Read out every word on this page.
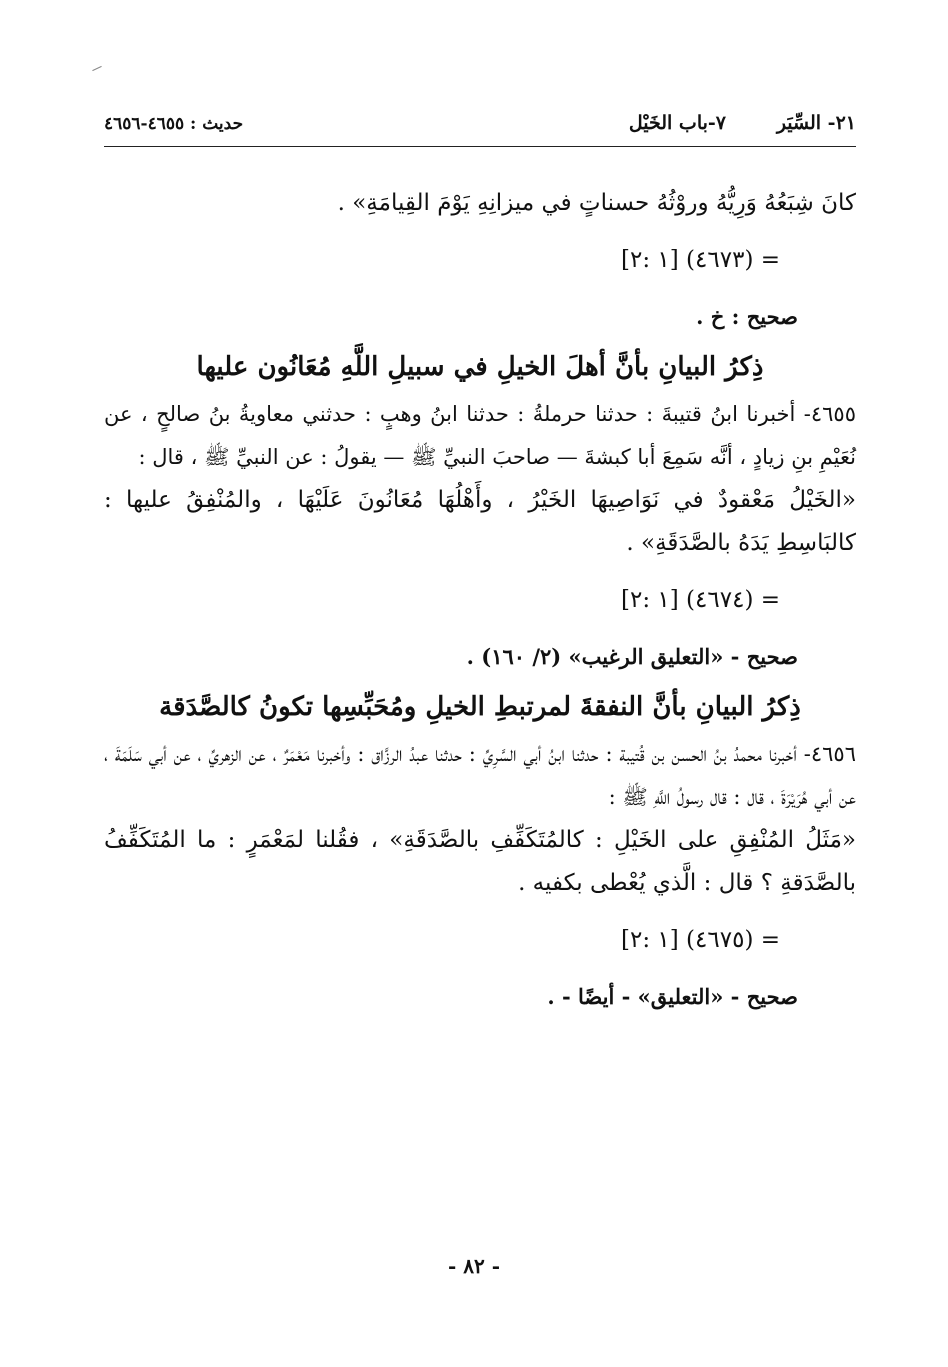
٢١- السِّيَر
٧-باب الخَيْل
حديث : ٤٦٥٥-٤٦٥٦

كانَ شِبَعُهُ وَرِيُّهُ وروْثُهُ حسناتٍ في ميزانِهِ يَوْمَ القِيامَةِ» .

= (٤٦٧٣) [١ :٢]

صحيح : خ .

ذِكرُ البيانِ بأنَّ أهلَ الخيلِ في سبيلِ اللَّهِ مُعَانُون عليها

٤٦٥٥- أخبرنا ابنُ قتيبةَ : حدثنا حرملةُ : حدثنا ابنُ وهبٍ : حدثني معاويةُ بنُ صالحٍ ، عن نُعَيْمِ بنِ زيادٍ ، أنَّه سَمِعَ أبا كبشةَ — صاحبَ النبيِّ ﷺ — يقولُ : عن النبيِّ ﷺ ، قال :

«الخَيْلُ مَعْقودٌ في نَوَاصِيهَا الخَيْرُ ، وأَهْلُهَا مُعَانُونَ عَلَيْهَا ، والمُنْفِقُ عليها : كالبَاسِطِ يَدَهُ بالصَّدَقَةِ» .

= (٤٦٧٤) [١ :٢]

صحيح - «التعليق الرغيب» (٢/ ١٦٠) .

ذِكرُ البيانِ بأنَّ النفقةَ لمرتبطِ الخيلِ ومُحَبِّسِها تكونُ كالصَّدَقة

٤٦٥٦- أخبرنا محمدُ بنُ الحسن بن قُتيبة : حدثنا ابنُ أبي السَّرِيِّ : حدثنا عبدُ الرزَّاق : وأخبرنا مَعْمَرٌ ، عن الزهريِّ ، عن أبي سَلَمَةَ ، عن أبي هُرَيْرَةَ ، قال : قال رسولُ اللَّهِ ﷺ :

«مَثَلُ المُنْفِقِ على الخَيْلِ : كالمُتَكَفِّفِ بالصَّدَقَةِ» ، فقُلنا لمَعْمَرٍ : ما المُتَكَفِّفُ بالصَّدَقةِ ؟ قال : الَّذي يُعْطى بكفيه .

= (٤٦٧٥) [١ :٢]

صحيح - «التعليق» - أيضًا - .

- ٨٢ -
